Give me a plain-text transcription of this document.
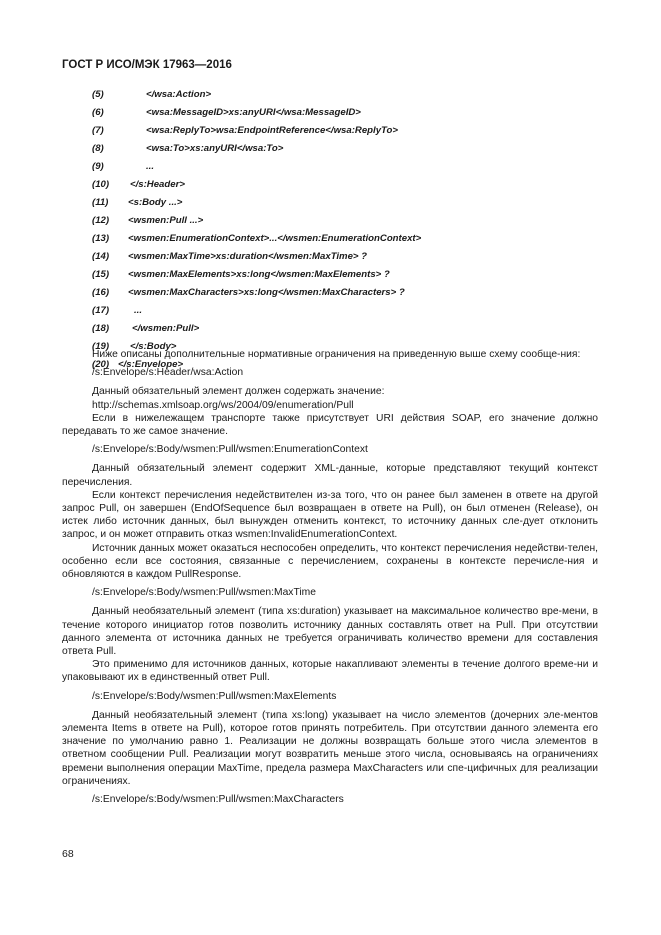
ГОСТ Р ИСО/МЭК 17963—2016
(5)	</wsa:Action>
(6)	<wsa:MessageID>xs:anyURI</wsa:MessageID>
(7)	<wsa:ReplyTo>wsa:EndpointReference</wsa:ReplyTo>
(8)	<wsa:To>xs:anyURI</wsa:To>
(9)	...
(10)	</s:Header>
(11)	<s:Body ...>
(12)	<wsmen:Pull ...>
(13)	<wsmen:EnumerationContext>...</wsmen:EnumerationContext>
(14)	<wsmen:MaxTime>xs:duration</wsmen:MaxTime> ?
(15)	<wsmen:MaxElements>xs:long</wsmen:MaxElements> ?
(16)	<wsmen:MaxCharacters>xs:long</wsmen:MaxCharacters> ?
(17)	...
(18)	</wsmen:Pull>
(19)	</s:Body>
(20) </s:Envelope>

Ниже описаны дополнительные нормативные ограничения на приведенную выше схему сообще-ния:

/s:Envelope/s:Header/wsa:Action

Данный обязательный элемент должен содержать значение:

http://schemas.xmlsoap.org/ws/2004/09/enumeration/Pull

Если в нижележащем транспорте также присутствует URI действия SOAP, его значение должно передавать то же самое значение.

/s:Envelope/s:Body/wsmen:Pull/wsmen:EnumerationContext

Данный обязательный элемент содержит XML-данные, которые представляют текущий контекст перечисления.

Если контекст перечисления недействителен из-за того, что он ранее был заменен в ответе на другой запрос Pull, он завершен (EndOfSequence был возвращаен в ответе на Pull), он был отменен (Release), он истек либо источник данных, был вынужден отменить контекст, то источнику данных сле-дует отклонить запрос, и он может отправить отказ wsmen:InvalidEnumerationContext.

Источник данных может оказаться неспособен определить, что контекст перечисления недействи-телен, особенно если все состояния, связанные с перечислением, сохранены в контексте перечисле-ния и обновляются в каждом PullResponse.

/s:Envelope/s:Body/wsmen:Pull/wsmen:MaxTime

Данный необязательный элемент (типа xs:duration) указывает на максимальное количество вре-мени, в течение которого инициатор готов позволить источнику данных составлять ответ на Pull. При отсутствии данного элемента от источника данных не требуется ограничивать количество времени для составления ответа Pull.

Это применимо для источников данных, которые накапливают элементы в течение долгого време-ни и упаковывают их в единственный ответ Pull.

/s:Envelope/s:Body/wsmen:Pull/wsmen:MaxElements

Данный необязательный элемент (типа xs:long) указывает на число элементов (дочерних эле-ментов элемента Items в ответе на Pull), которое готов принять потребитель. При отсутствии данного элемента его значение по умолчанию равно 1. Реализации не должны возвращать больше этого числа элементов в ответном сообщении Pull. Реализации могут возвратить меньше этого числа, основываясь на ограничениях времени выполнения операции MaxTime, предела размера MaxCharacters или спе-цифичных для реализации ограничениях.

/s:Envelope/s:Body/wsmen:Pull/wsmen:MaxCharacters

68
